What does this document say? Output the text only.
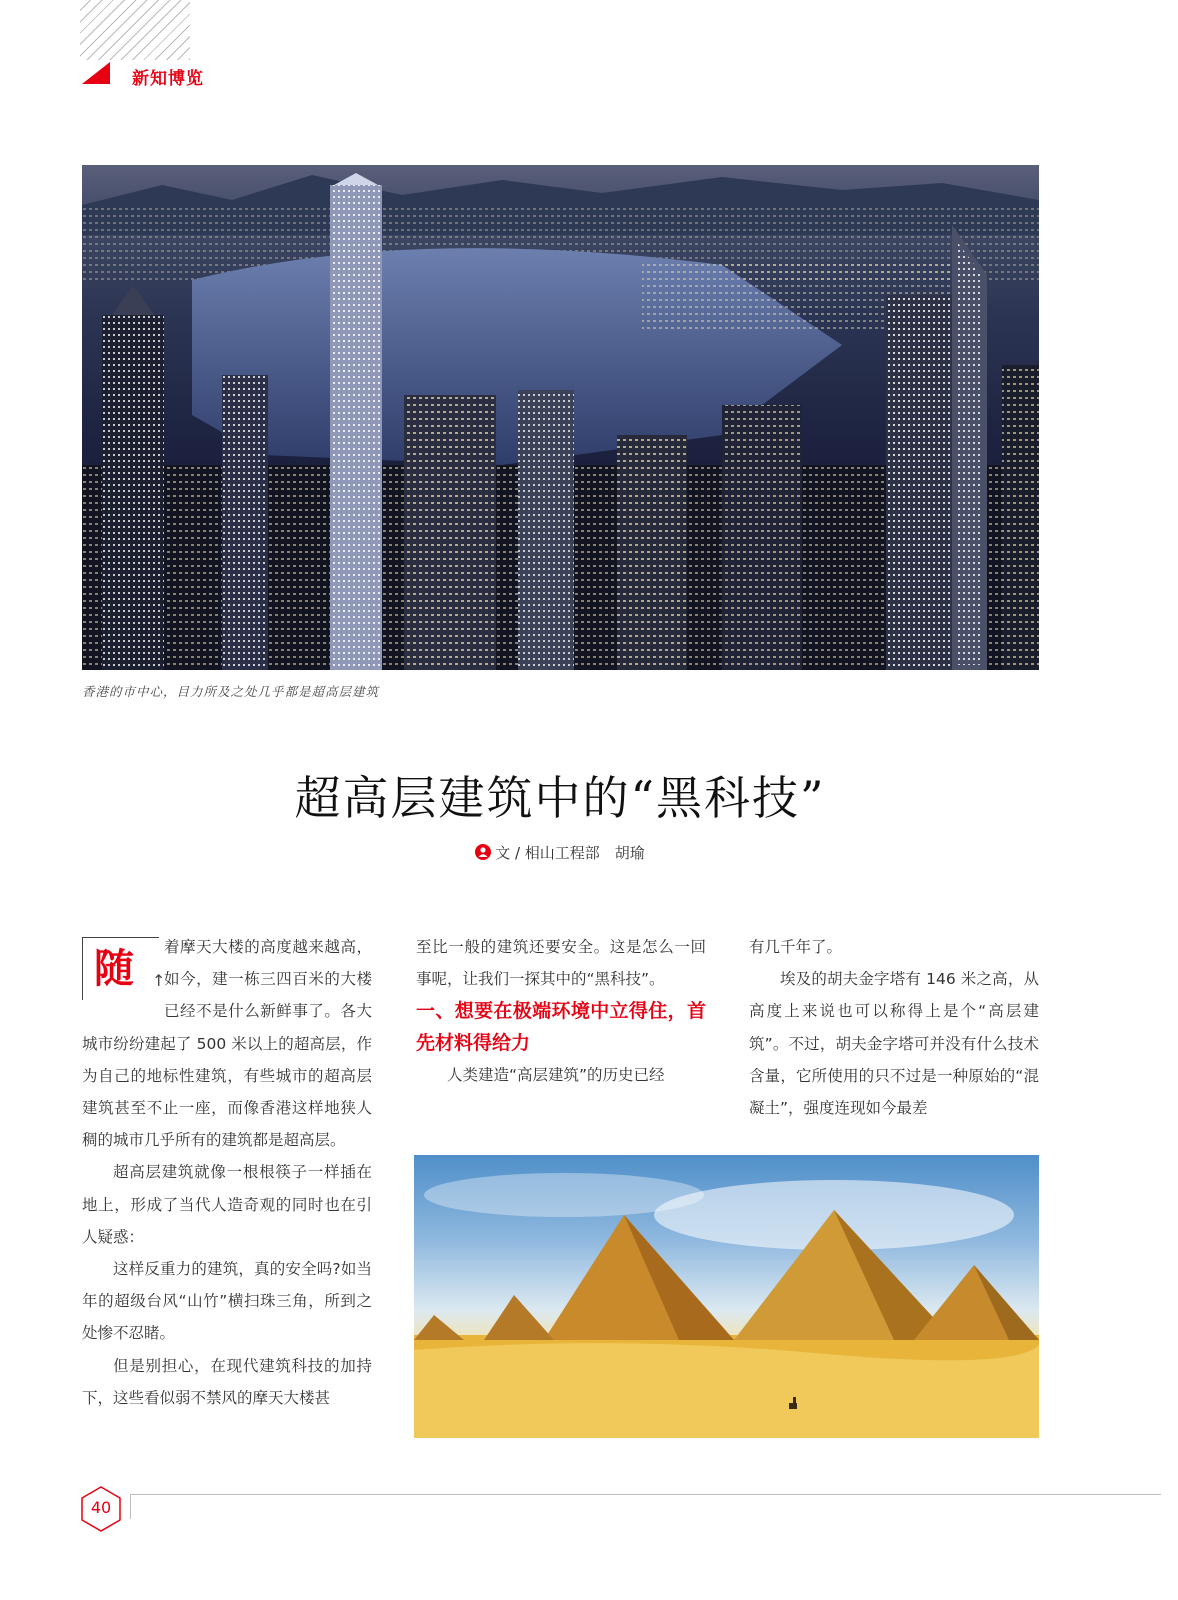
新知博览
香港的市中心，目力所及之处几乎都是超高层建筑
超高层建筑中的“黑科技”
文 / 相山工程部　胡瑜
随 ↑

着摩天大楼的高度越来越高，如今，建一栋三四百米的大楼已经不是什么新鲜事了。各大城市纷纷建起了 500 米以上的超高层，作为自己的地标性建筑，有些城市的超高层建筑甚至不止一座，而像香港这样地狭人稠的城市几乎所有的建筑都是超高层。

超高层建筑就像一根根筷子一样插在地上，形成了当代人造奇观的同时也在引人疑惑：

这样反重力的建筑，真的安全吗?如当年的超级台风“山竹”横扫珠三角，所到之处惨不忍睹。

但是别担心，在现代建筑科技的加持下，这些看似弱不禁风的摩天大楼甚

至比一般的建筑还要安全。这是怎么一回事呢，让我们一探其中的“黑科技”。

一、想要在极端环境中立得住，首先材料得给力

人类建造“高层建筑”的历史已经

有几千年了。

埃及的胡夫金字塔有 146 米之高，从高度上来说也可以称得上是个“高层建筑”。不过，胡夫金字塔可并没有什么技术含量，它所使用的只不过是一种原始的“混凝土”，强度连现如今最差

40
